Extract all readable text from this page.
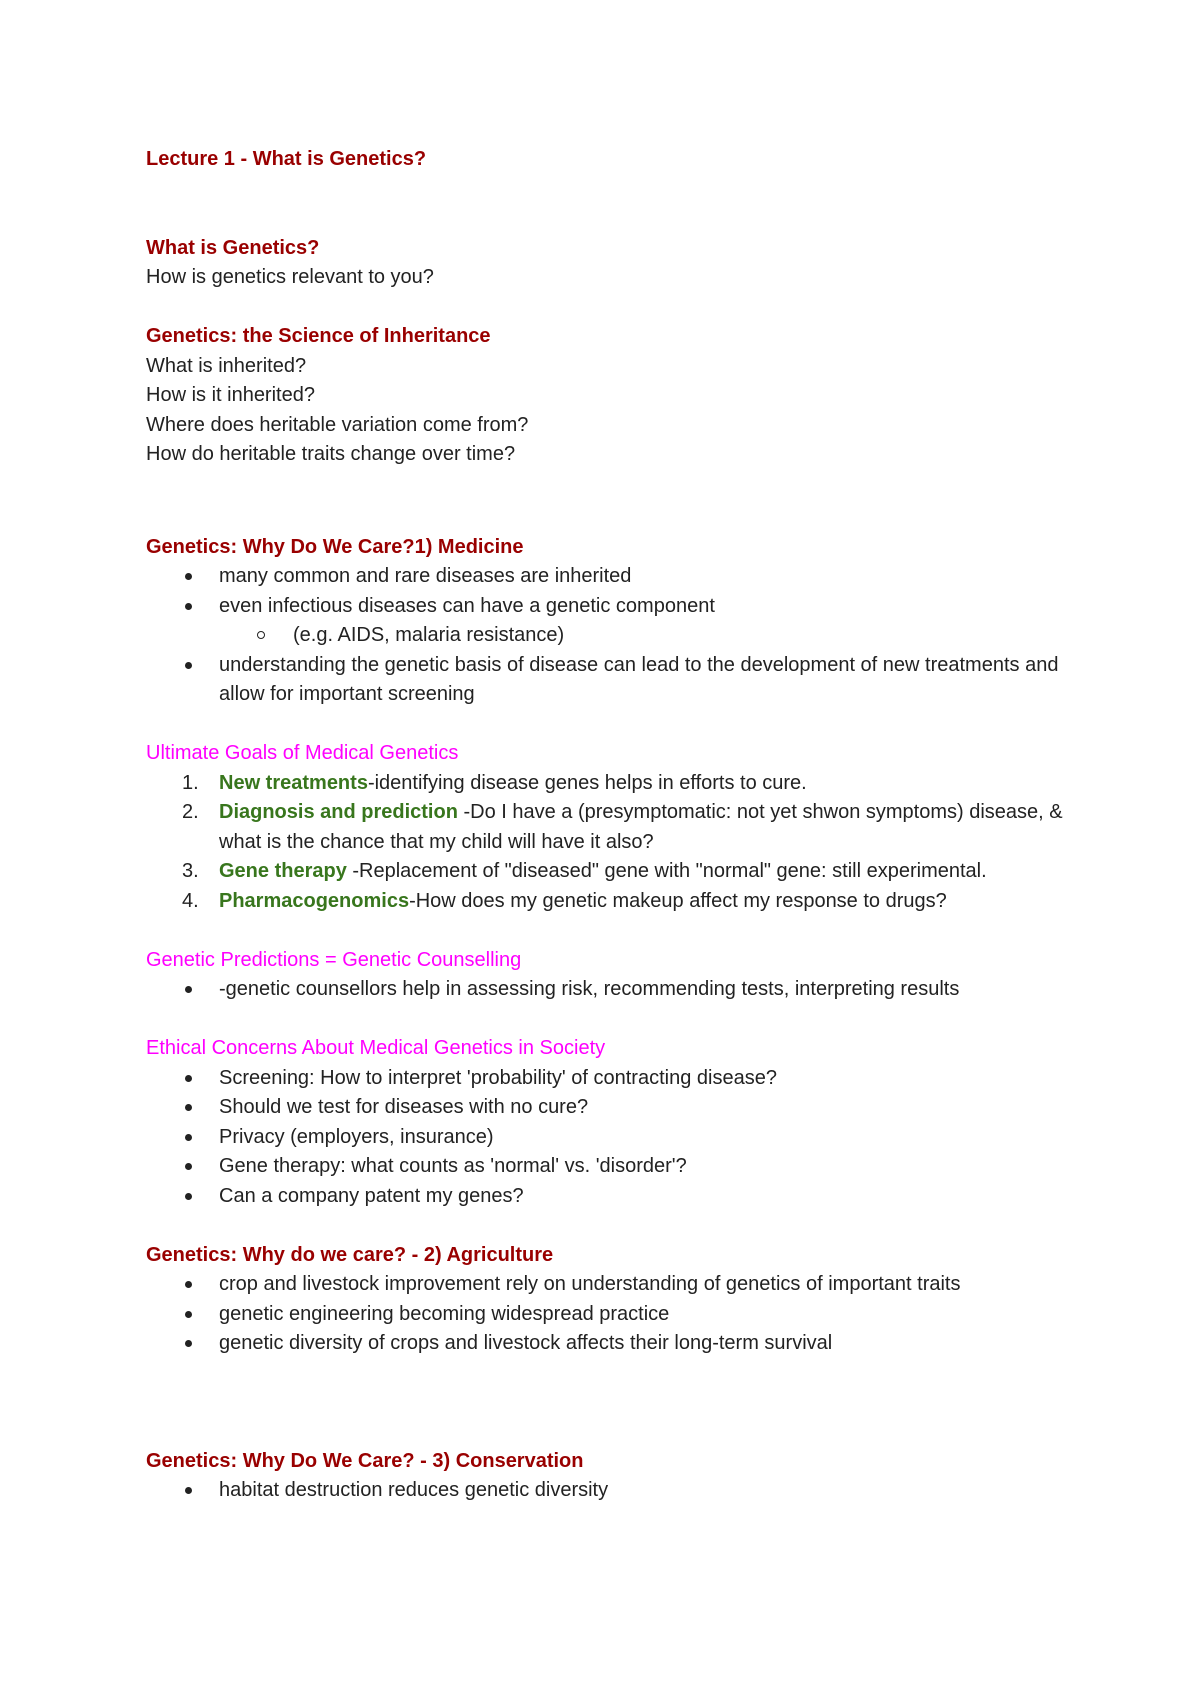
Lecture 1 - What is Genetics?

What is Genetics?

How is genetics relevant to you?

Genetics: the Science of Inheritance

What is inherited?

How is it inherited?

Where does heritable variation come from?

How do heritable traits change over time?

Genetics: Why Do We Care?1) Medicine

many common and rare diseases are inherited
even infectious diseases can have a genetic component
(e.g. AIDS, malaria resistance)
understanding the genetic basis of disease can lead to the development of new treatments and allow for important screening

Ultimate Goals of Medical Genetics

1. New treatments-identifying disease genes helps in efforts to cure.
2. Diagnosis and prediction -Do I have a (presymptomatic: not yet shwon symptoms) disease, & what is the chance that my child will have it also?
3. Gene therapy -Replacement of "diseased" gene with "normal" gene: still experimental.
4. Pharmacogenomics-How does my genetic makeup affect my response to drugs?

Genetic Predictions = Genetic Counselling

-genetic counsellors help in assessing risk, recommending tests, interpreting results

Ethical Concerns About Medical Genetics in Society

Screening: How to interpret 'probability' of contracting disease?
Should we test for diseases with no cure?
Privacy (employers, insurance)
Gene therapy: what counts as 'normal' vs. 'disorder'?
Can a company patent my genes?

Genetics: Why do we care? - 2) Agriculture

crop and livestock improvement rely on understanding of genetics of important traits
genetic engineering becoming widespread practice
genetic diversity of crops and livestock affects their long-term survival

Genetics: Why Do We Care? - 3) Conservation

habitat destruction reduces genetic diversity
